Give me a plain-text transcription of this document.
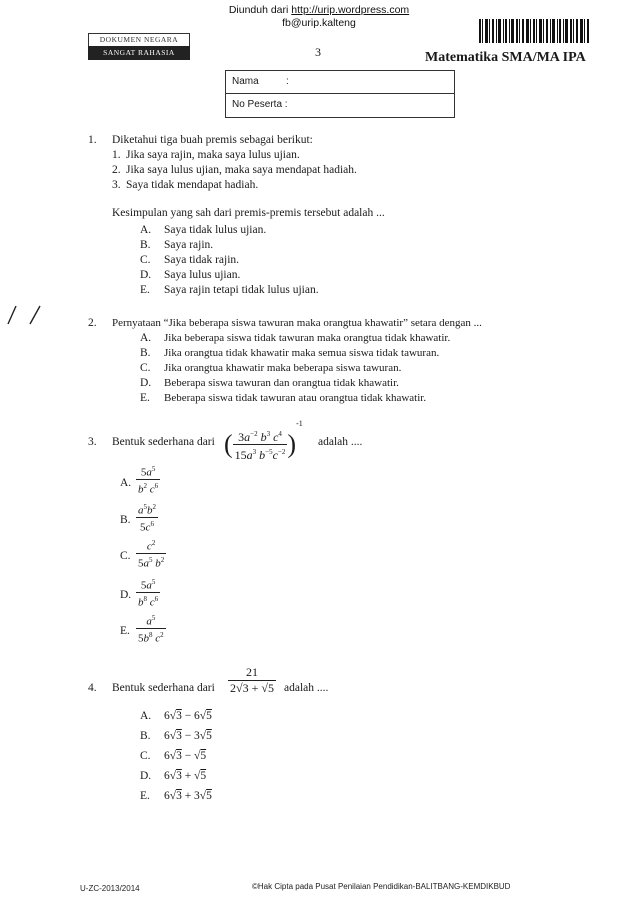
Diunduh dari http://urip.wordpress.com
fb@urip.kalteng
DOKUMEN NEGARA
SANGAT RAHASIA	3	Matematika SMA/MA IPA
Nama	:
No Peserta :
1. Diketahui tiga buah premis sebagai berikut:
1. Jika saya rajin, maka saya lulus ujian.
2. Jika saya lulus ujian, maka saya mendapat hadiah.
3. Saya tidak mendapat hadiah.
Kesimpulan yang sah dari premis-premis tersebut adalah ...
A. Saya tidak lulus ujian.
B. Saya rajin.
C. Saya tidak rajin.
D. Saya lulus ujian.
E. Saya rajin tetapi tidak lulus ujian.
2. Pernyataan “Jika beberapa siswa tawuran maka orangtua khawatir” setara dengan ...
A. Jika beberapa siswa tidak tawuran maka orangtua tidak khawatir.
B. Jika orangtua tidak khawatir maka semua siswa tidak tawuran.
C. Jika orangtua khawatir maka beberapa siswa tawuran.
D. Beberapa siswa tawuran dan orangtua tidak khawatir.
E. Beberapa siswa tidak tawuran atau orangtua tidak khawatir.
3. Bentuk sederhana dari ( $\frac{3a^{-2} b^3 c^4}{15a^3 b^{-5}c^{-2}} )^{-1}$
adalah ....
A. $\frac{5a^5}{b^2 c^6}$
B. $\frac{a^5b^2}{5c^6}$
C. $\frac{c^2}{5a^5 b^2}$
D. $\frac{5a^5}{b^8 c^6}$
E. $\frac{a^5}{5b^8 c^2}$
4. Bentuk sederhana dari $\frac{21}{2√3 + √5}$ adalah ....
A. 6√3 − 6√5
B. 6√3 − 3√5
C. 6√3 − √5
D. 6√3 + √5
E. 6√3 + 3√5
U-ZC-2013/2014	©Hak Cipta pada Pusat Penilaian Pendidikan-BALITBANG-KEMDIKBUD
